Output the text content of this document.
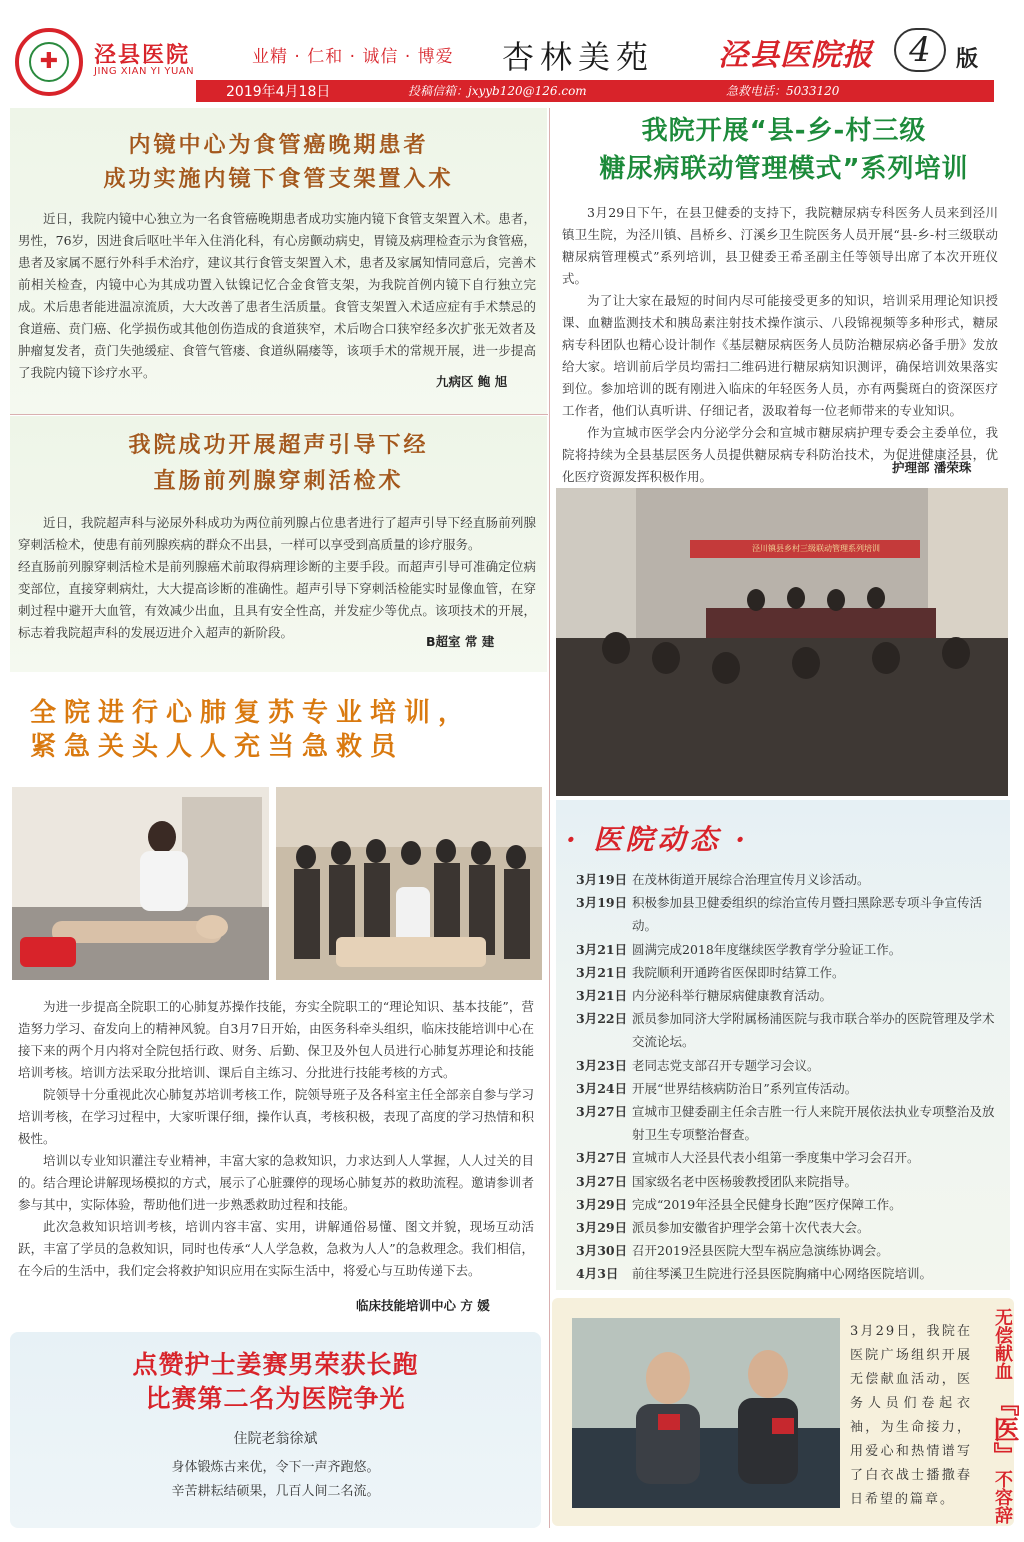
✚ 泾县医院
JING XIAN YI YUAN
业精 · 仁和 · 诚信 · 博爱 杏林美苑 泾县医院报	4	版
2019年4月18日	投稿信箱：jxyyb120@126.com	急救电话：5033120
内镜中心为食管癌晚期患者
成功实施内镜下食管支架置入术

近日，我院内镜中心独立为一名食管癌晚期患者成功实施内镜下食管支架置入术。患者，男性，76岁，因进食后呕吐半年入住消化科，有心房颤动病史，胃镜及病理检查示为食管癌，患者及家属不愿行外科手术治疗，建议其行食管支架置入术，患者及家属知情同意后，完善术前相关检查，内镜中心为其成功置入钛镍记忆合金食管支架，为我院首例内镜下自行独立完成。术后患者能进温凉流质，大大改善了患者生活质量。食管支架置入术适应症有手术禁忌的食道癌、贲门癌、化学损伤或其他创伤造成的食道狭窄，术后吻合口狭窄经多次扩张无效者及肿瘤复发者，贲门失弛缓症、食管气管瘘、食道纵隔瘘等，该项手术的常规开展，进一步提高了我院内镜下诊疗水平。

九病区 鲍 旭
我院成功开展超声引导下经
直肠前列腺穿刺活检术

近日，我院超声科与泌尿外科成功为两位前列腺占位患者进行了超声引导下经直肠前列腺穿刺活检术，使患有前列腺疾病的群众不出县，一样可以享受到高质量的诊疗服务。

经直肠前列腺穿刺活检术是前列腺癌术前取得病理诊断的主要手段。而超声引导可准确定位病变部位，直接穿刺病灶，大大提高诊断的准确性。超声引导下穿刺活检能实时显像血管，在穿刺过程中避开大血管，有效减少出血，且具有安全性高，并发症少等优点。该项技术的开展，标志着我院超声科的发展迈进介入超声的新阶段。

B超室 常 建
全院进行心肺复苏专业培训，
紧急关头人人充当急救员

为进一步提高全院职工的心肺复苏操作技能，夯实全院职工的“理论知识、基本技能”，营造努力学习、奋发向上的精神风貌。自3月7日开始，由医务科牵头组织，临床技能培训中心在接下来的两个月内将对全院包括行政、财务、后勤、保卫及外包人员进行心肺复苏理论和技能培训考核。培训方法采取分批培训、课后自主练习、分批进行技能考核的方式。

院领导十分重视此次心肺复苏培训考核工作，院领导班子及各科室主任全部亲自参与学习培训考核，在学习过程中，大家听课仔细，操作认真，考核积极，表现了高度的学习热情和积极性。

培训以专业知识灌注专业精神，丰富大家的急救知识，力求达到人人掌握，人人过关的目的。结合理论讲解现场模拟的方式，展示了心脏骤停的现场心肺复苏的救助流程。邀请参训者参与其中，实际体验，帮助他们进一步熟悉救助过程和技能。

此次急救知识培训考核，培训内容丰富、实用，讲解通俗易懂、图文并貌，现场互动活跃，丰富了学员的急救知识，同时也传承“人人学急救，急救为人人”的急救理念。我们相信，在今后的生活中，我们定会将救护知识应用在实际生活中，将爱心与互助传递下去。

临床技能培训中心 方 媛
点赞护士姜赛男荣获长跑
比赛第二名为医院争光
住院老翁徐斌
身体锻炼古来优，令下一声齐跑悠。
辛苦耕耘结硕果，几百人间二名流。
我院开展“县-乡-村三级
糖尿病联动管理模式”系列培训

3月29日下午，在县卫健委的支持下，我院糖尿病专科医务人员来到泾川镇卫生院，为泾川镇、昌桥乡、汀溪乡卫生院医务人员开展“县-乡-村三级联动糖尿病管理模式”系列培训，县卫健委王希圣副主任等领导出席了本次开班仪式。

为了让大家在最短的时间内尽可能接受更多的知识，培训采用理论知识授课、血糖监测技术和胰岛素注射技术操作演示、八段锦视频等多种形式，糖尿病专科团队也精心设计制作《基层糖尿病医务人员防治糖尿病必备手册》发放给大家。培训前后学员均需扫二维码进行糖尿病知识测评，确保培训效果落实到位。参加培训的既有刚进入临床的年轻医务人员，亦有两鬓斑白的资深医疗工作者，他们认真听讲、仔细记者，汲取着每一位老师带来的专业知识。

作为宣城市医学会内分泌学分会和宣城市糖尿病护理专委会主委单位，我院将持续为全县基层医务人员提供糖尿病专科防治技术，为促进健康泾县，优化医疗资源发挥积极作用。

护理部 潘荣珠
泾川镇县乡村三级联动管理系列培训
· 医院动态 ·
3月19日 在茂林街道开展综合治理宣传月义诊活动。
3月19日 积极参加县卫健委组织的综治宣传月暨扫黑除恶专项斗争宣传活动。
3月21日 圆满完成2018年度继续医学教育学分验证工作。
3月21日 我院顺利开通跨省医保即时结算工作。
3月21日 内分泌科举行糖尿病健康教育活动。
3月22日 派员参加同济大学附属杨浦医院与我市联合举办的医院管理及学术交流论坛。
3月23日 老同志党支部召开专题学习会议。
3月24日 开展“世界结核病防治日”系列宣传活动。
3月27日 宣城市卫健委副主任余吉胜一行人来院开展依法执业专项整治及放射卫生专项整治督查。
3月27日 宣城市人大泾县代表小组第一季度集中学习会召开。
3月27日 国家级名老中医杨骏教授团队来院指导。
3月29日 完成“2019年泾县全民健身长跑”医疗保障工作。
3月29日 派员参加安徽省护理学会第十次代表大会。
3月30日 召开2019泾县医院大型车祸应急演练协调会。
4月3日	前往琴溪卫生院进行泾县医院胸痛中心网络医院培训。
3月29日，我院在医院广场组织开展无偿献血活动，医务人员们卷起衣袖，为生命接力，用爱心和热情谱写了白衣战士播撒春日希望的篇章。
无偿献血
『医』
不容辞
